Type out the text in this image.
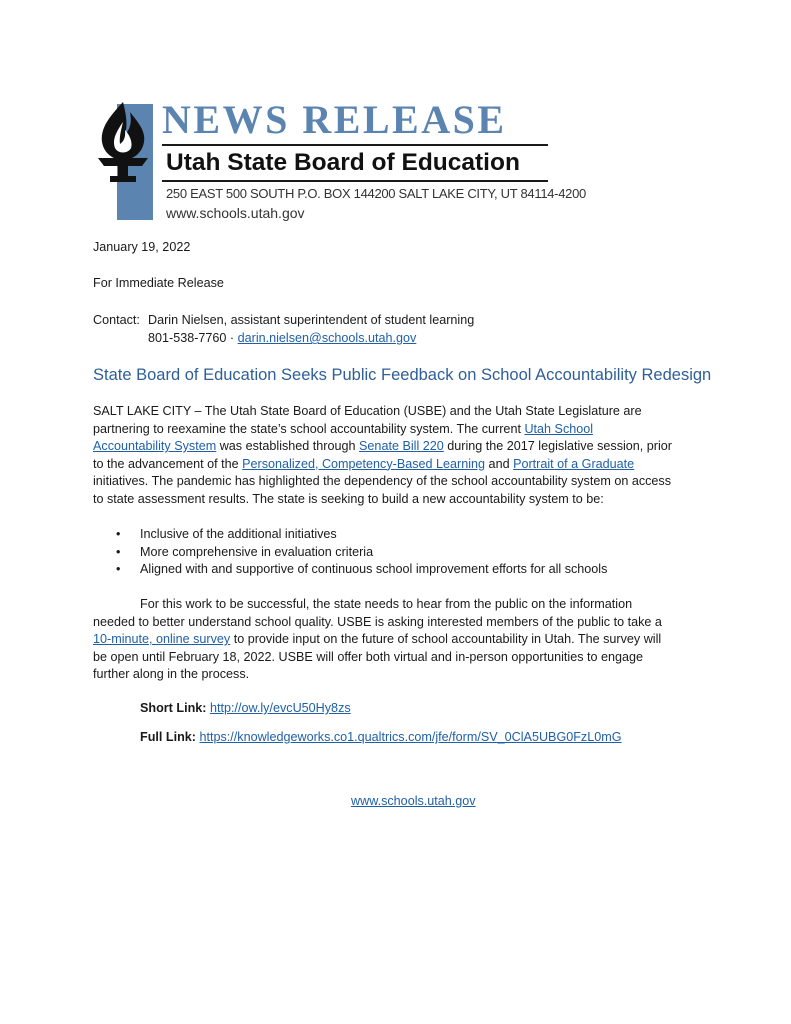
NEWS RELEASE
Utah State Board of Education
250 EAST 500 SOUTH P.O. BOX 144200 SALT LAKE CITY, UT 84114-4200
www.schools.utah.gov
January 19, 2022
For Immediate Release
Contact: Darin Nielsen, assistant superintendent of student learning
801-538-7760 · darin.nielsen@schools.utah.gov
State Board of Education Seeks Public Feedback on School Accountability Redesign
SALT LAKE CITY – The Utah State Board of Education (USBE) and the Utah State Legislature are
partnering to reexamine the state’s school accountability system. The current Utah School
Accountability System was established through Senate Bill 220 during the 2017 legislative session, prior
to the advancement of the Personalized, Competency-Based Learning and Portrait of a Graduate
initiatives. The pandemic has highlighted the dependency of the school accountability system on access
to state assessment results. The state is seeking to build a new accountability system to be:
• Inclusive of the additional initiatives
• More comprehensive in evaluation criteria
• Aligned with and supportive of continuous school improvement efforts for all schools
For this work to be successful, the state needs to hear from the public on the information
needed to better understand school quality. USBE is asking interested members of the public to take a
10-minute, online survey to provide input on the future of school accountability in Utah. The survey will
be open until February 18, 2022. USBE will offer both virtual and in-person opportunities to engage
further along in the process.
Short Link: http://ow.ly/evcU50Hy8zs
Full Link: https://knowledgeworks.co1.qualtrics.com/jfe/form/SV_0ClA5UBG0FzL0mG
www.schools.utah.gov
